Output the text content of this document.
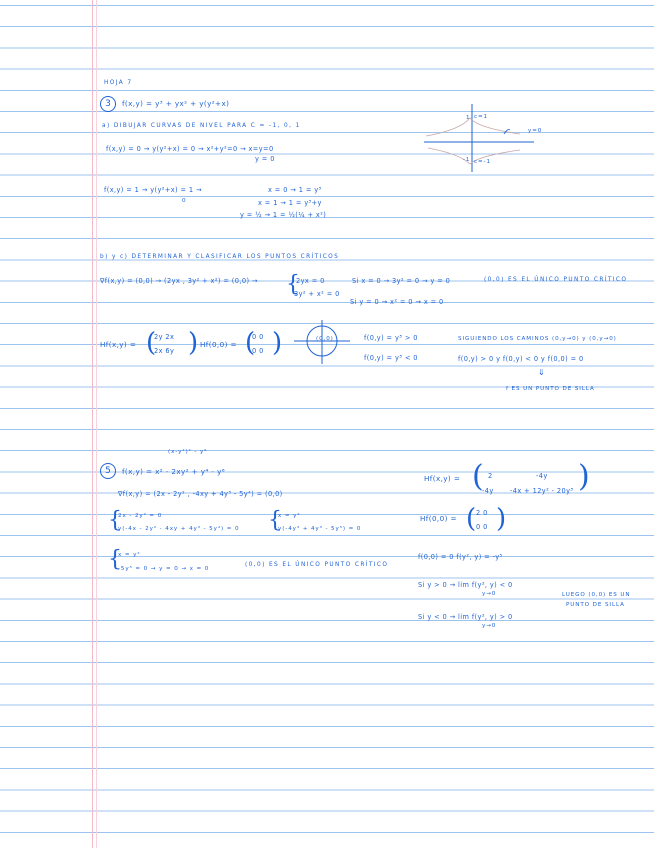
HOJA 7
3	f(x,y) = y³ + yx² + y(y²+x)
a) DIBUJAR CURVAS DE NIVEL PARA C = -1, 0, 1
f(x,y) = 0 → y(y²+x) = 0 → x²+y²=0 → x=y=0
y = 0
f(x,y) = 1 → y(y²+x) = 1 →
0
x = 0 → 1 = y³
x = 1 → 1 = y³+y
y = ½ → 1 = ½(¼ + x²)
c=1
c=-1
1
-1
y=0
b) y c) DETERMINAR Y CLASIFICAR LOS PUNTOS CRÍTICOS
∇f(x,y) = (0,0) → (2yx , 3y² + x²) = (0,0) → {
2yx = 0
3y² + x² = 0
Si x = 0 → 3y² = 0 → y = 0
Si y = 0 → x² = 0 → x = 0
(0,0) ES EL ÚNICO PUNTO CRÍTICO
Hf(x,y) = (
2y 2x
2x 6y ) Hf(0,0) = (
0 0
0 0 )	(0,0)	f(0,y) = y³ > 0
f(0,y) = y³ < 0
SIGUIENDO LOS CAMINOS (0,y→0) y (0,y→0)
f(0,y) > 0 y f(0,y) < 0 y f(0,0) = 0
⇓
f ES UN PUNTO DE SILLA
(x-y²)² - y⁶
5	f(x,y) = x² - 2xy² + y⁴ - y⁶
∇f(x,y) = (2x - 2y² , -4xy + 4y³ - 5y⁴) = (0,0)
{
2x - 2y² = 0
y(-4x - 2y² - 4xy + 4y³ - 5y⁴) = 0 {
x = y²
y(-4y³ + 4y³ - 5y⁵) = 0
{
x = y²
-5y⁵ = 0 → y = 0 → x = 0
(0,0) ES EL ÚNICO PUNTO CRÍTICO
Hf(x,y) = ( 2	-4y
-4y -4x + 12y² - 20y³ )
Hf(0,0) = ( 2 0
0 0 )
f(0,0) = 0 f(y², y) = -y⁵
Si y > 0 → lim f(y², y) < 0
y→0
Si y < 0 → lim f(y², y) > 0
y→0
LUEGO (0,0) ES UN
PUNTO DE SILLA
